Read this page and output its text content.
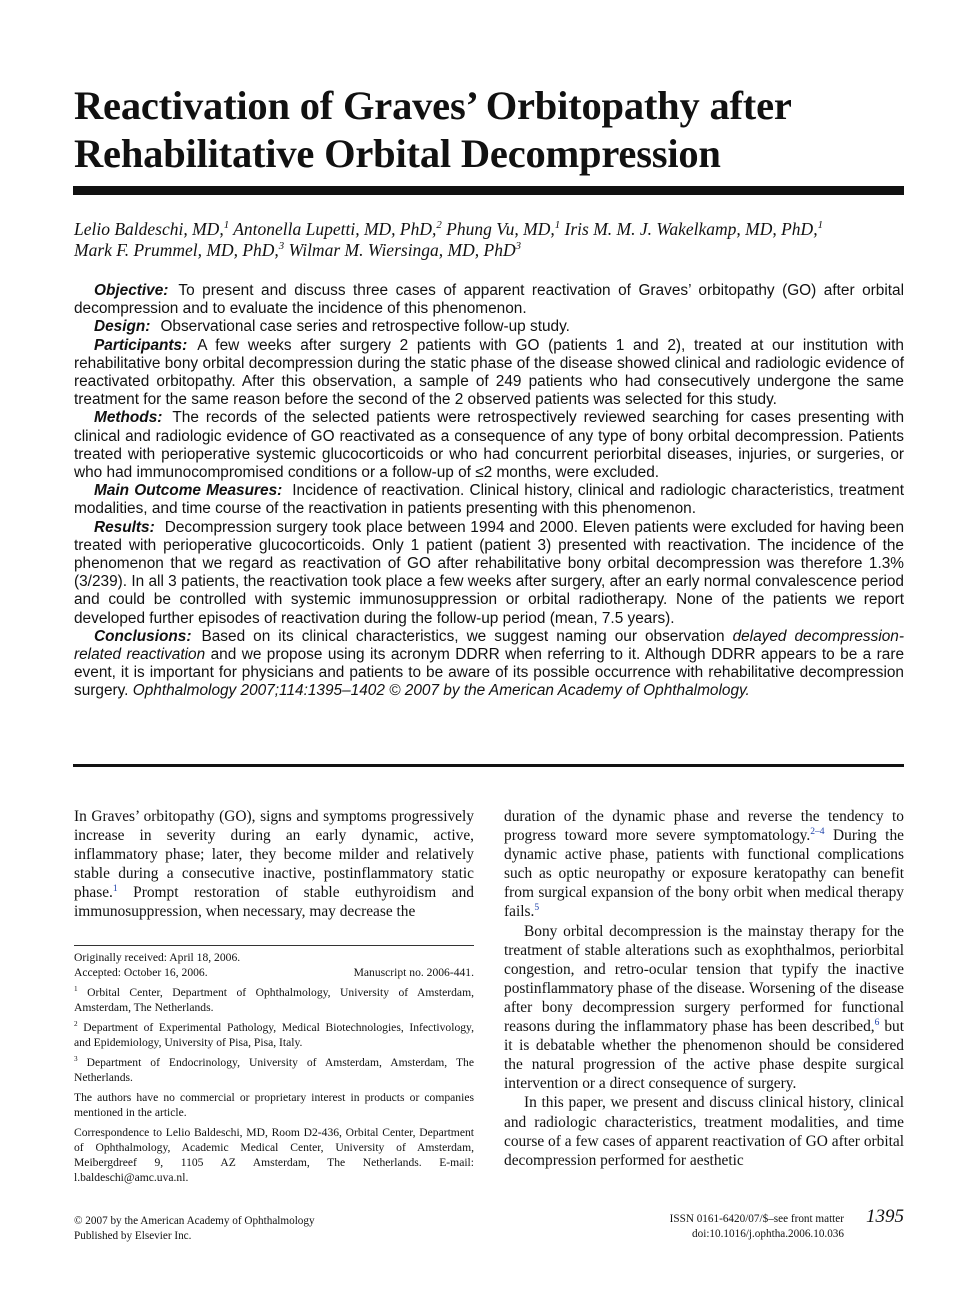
Reactivation of Graves’ Orbitopathy after Rehabilitative Orbital Decompression
Lelio Baldeschi, MD,$^1$ Antonella Lupetti, MD, PhD,$^2$ Phung Vu, MD,$^1$ Iris M. M. J. Wakelkamp, MD, PhD,$^1$
Mark F. Prummel, MD, PhD,$^3$ Wilmar M. Wiersinga, MD, PhD$^3$

Objective: To present and discuss three cases of apparent reactivation of Graves’ orbitopathy (GO) after orbital decompression and to evaluate the incidence of this phenomenon.

Design: Observational case series and retrospective follow-up study.

Participants: A few weeks after surgery 2 patients with GO (patients 1 and 2), treated at our institution with rehabilitative bony orbital decompression during the static phase of the disease showed clinical and radiologic evidence of reactivated orbitopathy. After this observation, a sample of 249 patients who had consecutively undergone the same treatment for the same reason before the second of the 2 observed patients was selected for this study.

Methods: The records of the selected patients were retrospectively reviewed searching for cases presenting with clinical and radiologic evidence of GO reactivated as a consequence of any type of bony orbital decompression. Patients treated with perioperative systemic glucocorticoids or who had concurrent periorbital diseases, injuries, or surgeries, or who had immunocompromised conditions or a follow-up of ≤2 months, were excluded.

Main Outcome Measures: Incidence of reactivation. Clinical history, clinical and radiologic characteristics, treatment modalities, and time course of the reactivation in patients presenting with this phenomenon.

Results: Decompression surgery took place between 1994 and 2000. Eleven patients were excluded for having been treated with perioperative glucocorticoids. Only 1 patient (patient 3) presented with reactivation. The incidence of the phenomenon that we regard as reactivation of GO after rehabilitative bony orbital decompression was therefore 1.3% (3/239). In all 3 patients, the reactivation took place a few weeks after surgery, after an early normal convalescence period and could be controlled with systemic immunosuppression or orbital radiotherapy. None of the patients we report developed further episodes of reactivation during the follow-up period (mean, 7.5 years).

Conclusions: Based on its clinical characteristics, we suggest naming our observation delayed decompression-related reactivation and we propose using its acronym DDRR when referring to it. Although DDRR appears to be a rare event, it is important for physicians and patients to be aware of its possible occurrence with rehabilitative decompression surgery. Ophthalmology 2007;114:1395–1402 © 2007 by the American Academy of Ophthalmology.

In Graves’ orbitopathy (GO), signs and symptoms progressively increase in severity during an early dynamic, active, inflammatory phase; later, they become milder and relatively stable during a consecutive inactive, postinflammatory static phase.$^1$ Prompt restoration of stable euthyroidism and immunosuppression, when necessary, may decrease the

Originally received: April 18, 2006.
Accepted: October 16, 2006.	Manuscript no. 2006-441.
$^1$ Orbital Center, Department of Ophthalmology, University of Amsterdam, Amsterdam, The Netherlands.
$^2$ Department of Experimental Pathology, Medical Biotechnologies, Infectivology, and Epidemiology, University of Pisa, Pisa, Italy.
$^3$ Department of Endocrinology, University of Amsterdam, Amsterdam, The Netherlands.
The authors have no commercial or proprietary interest in products or companies mentioned in the article.
Correspondence to Lelio Baldeschi, MD, Room D2-436, Orbital Center, Department of Ophthalmology, Academic Medical Center, University of Amsterdam, Meibergdreef 9, 1105 AZ Amsterdam, The Netherlands. E-mail: l.baldeschi@amc.uva.nl.

duration of the dynamic phase and reverse the tendency to progress toward more severe symptomatology.$^{2-4}$ During the dynamic active phase, patients with functional complications such as optic neuropathy or exposure keratopathy can benefit from surgical expansion of the bony orbit when medical therapy fails.$^5$

Bony orbital decompression is the mainstay therapy for the treatment of stable alterations such as exophthalmos, periorbital congestion, and retro-ocular tension that typify the inactive postinflammatory phase of the disease. Worsening of the disease after bony decompression surgery performed for functional reasons during the inflammatory phase has been described,$^6$ but it is debatable whether the phenomenon should be considered the natural progression of the active phase despite surgical intervention or a direct consequence of surgery.

In this paper, we present and discuss clinical history, clinical and radiologic characteristics, treatment modalities, and time course of a few cases of apparent reactivation of GO after orbital decompression performed for aesthetic

© 2007 by the American Academy of Ophthalmology
Published by Elsevier Inc.
ISSN 0161-6420/07/$–see front matter
doi:10.1016/j.ophtha.2006.10.036
1395
